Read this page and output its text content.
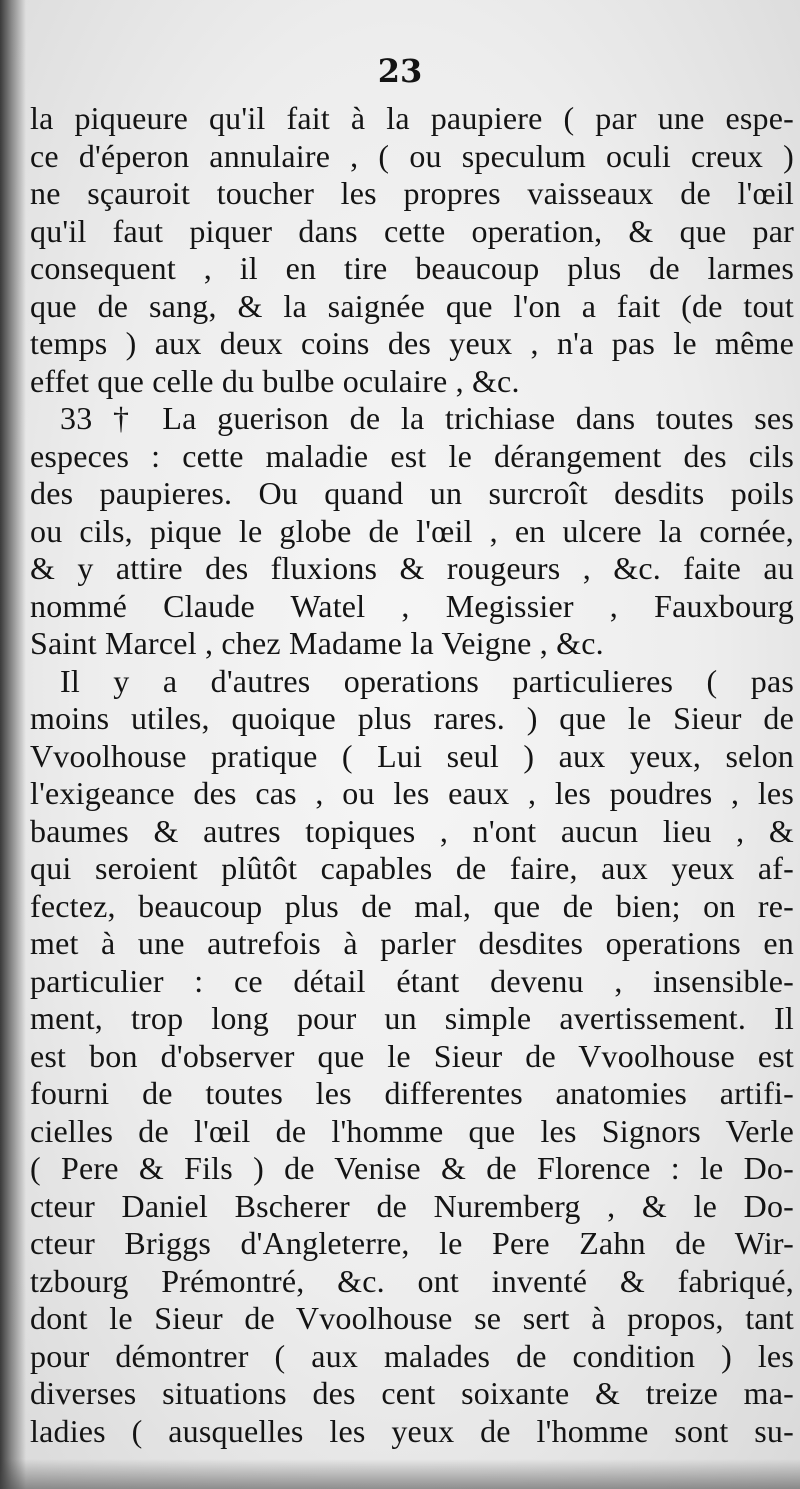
23
la piqueure qu'il fait à la paupiere ( par une espe-
ce d'éperon annulaire , ( ou speculum oculi creux )
ne sçauroit toucher les propres vaisseaux de l'œil
qu'il faut piquer dans cette operation, & que par
consequent , il en tire beaucoup plus de larmes
que de sang, & la saignée que l'on a fait (de tout
temps ) aux deux coins des yeux , n'a pas le même
effet que celle du bulbe oculaire , &c.
33 † La guerison de la trichiase dans toutes ses
especes : cette maladie est le dérangement des cils
des paupieres. Ou quand un surcroît desdits poils
ou cils, pique le globe de l'œil , en ulcere la cornée,
& y attire des fluxions & rougeurs , &c. faite au
nommé Claude Watel , Megissier , Fauxbourg
Saint Marcel , chez Madame la Veigne , &c.
Il y a d'autres operations particulieres ( pas
moins utiles, quoique plus rares. ) que le Sieur de
Vvoolhouse pratique ( Lui seul ) aux yeux, selon
l'exigeance des cas , ou les eaux , les poudres , les
baumes & autres topiques , n'ont aucun lieu , &
qui seroient plûtôt capables de faire, aux yeux af-
fectez, beaucoup plus de mal, que de bien; on re-
met à une autrefois à parler desdites operations en
particulier : ce détail étant devenu , insensible-
ment, trop long pour un simple avertissement. Il
est bon d'observer que le Sieur de Vvoolhouse est
fourni de toutes les differentes anatomies artifi-
cielles de l'œil de l'homme que les Signors Verle
( Pere & Fils ) de Venise & de Florence : le Do-
cteur Daniel Bscherer de Nuremberg , & le Do-
cteur Briggs d'Angleterre, le Pere Zahn de Wir-
tzbourg Prémontré, &c. ont inventé & fabriqué,
dont le Sieur de Vvoolhouse se sert à propos, tant
pour démontrer ( aux malades de condition ) les
diverses situations des cent soixante & treize ma-
ladies ( ausquelles les yeux de l'homme sont su-
